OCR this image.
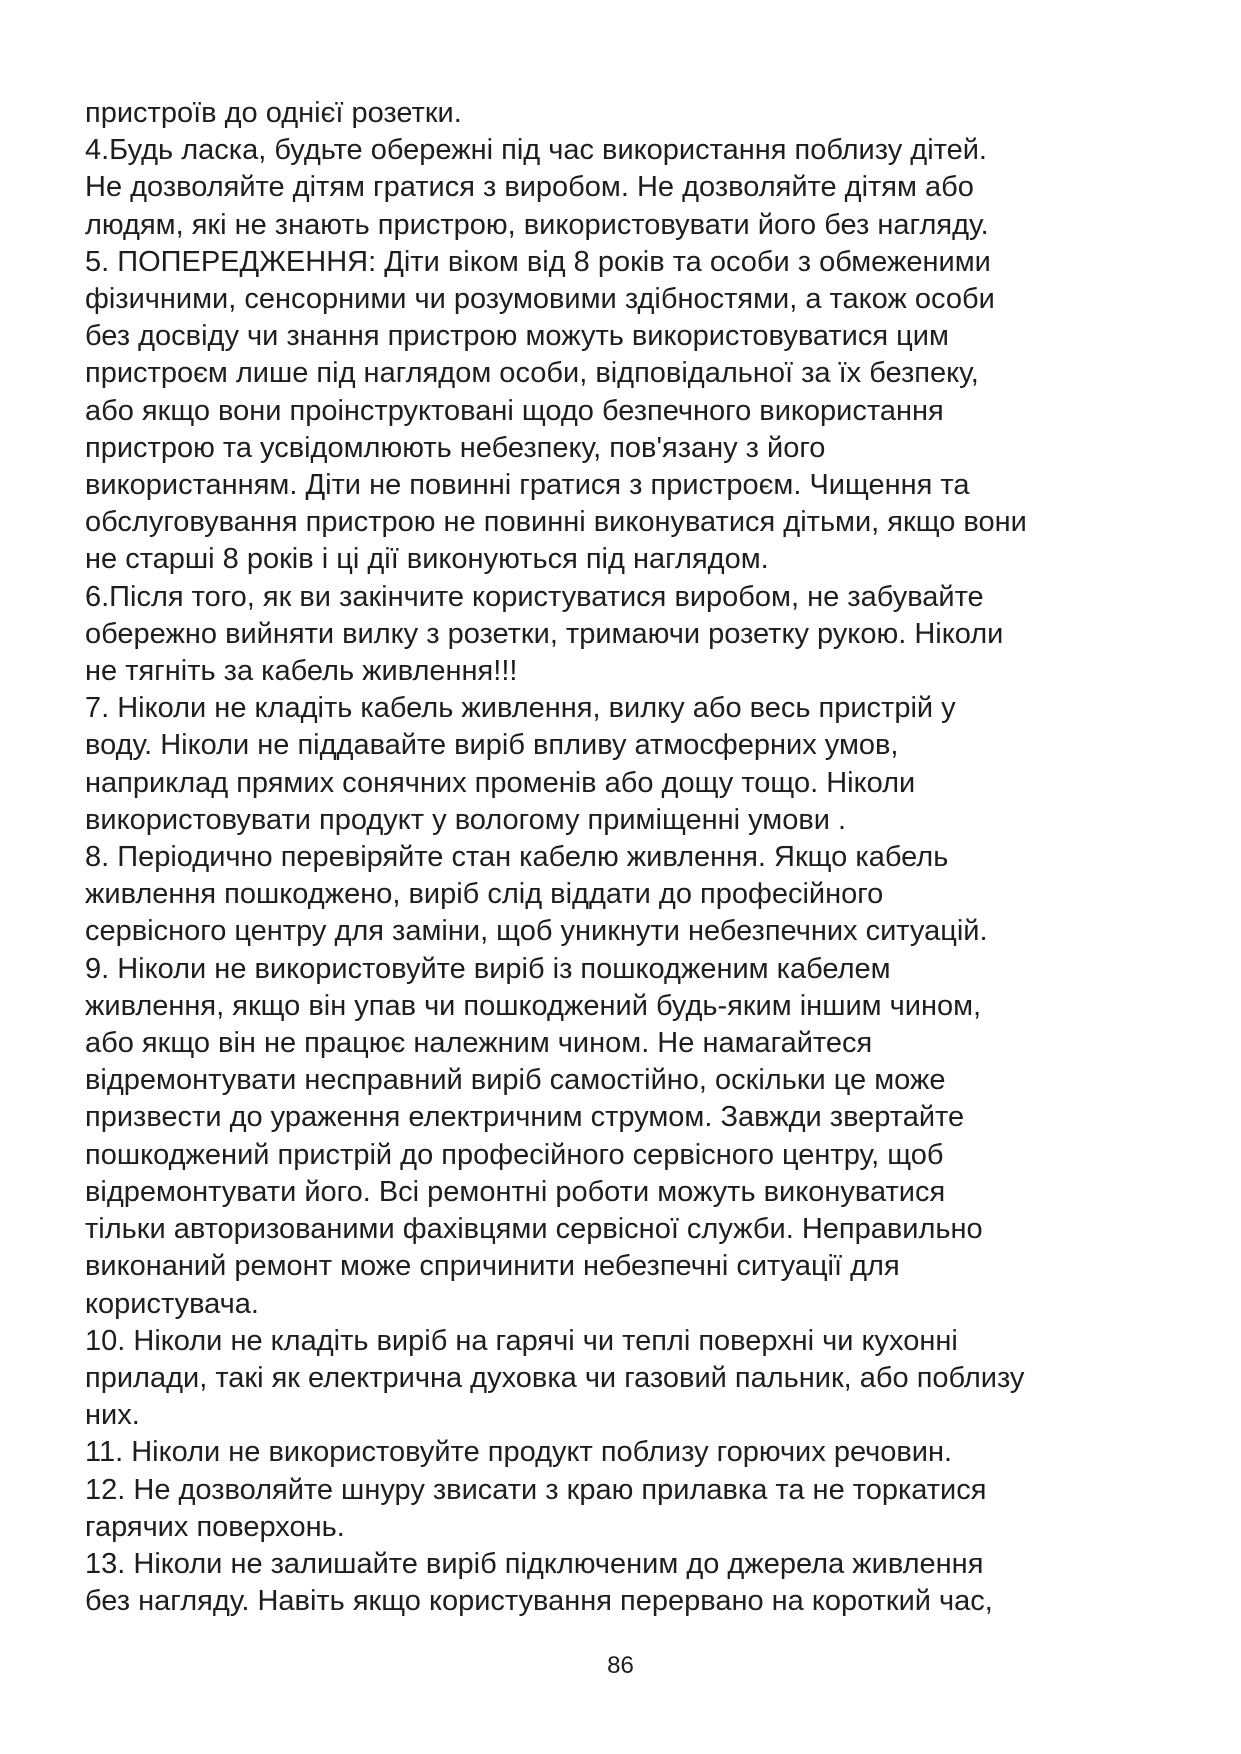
пристроїв до однієї розетки.
4.Будь ласка, будьте обережні під час використання поблизу дітей.
Не дозволяйте дітям гратися з виробом. Не дозволяйте дітям або
людям, які не знають пристрою, використовувати його без нагляду.
5. ПОПЕРЕДЖЕННЯ: Діти віком від 8 років та особи з обмеженими
фізичними, сенсорними чи розумовими здібностями, а також особи
без досвіду чи знання пристрою можуть використовуватися цим
пристроєм лише під наглядом особи, відповідальної за їх безпеку,
або якщо вони проінструктовані щодо безпечного використання
пристрою та усвідомлюють небезпеку, пов'язану з його
використанням. Діти не повинні гратися з пристроєм. Чищення та
обслуговування пристрою не повинні виконуватися дітьми, якщо вони
не старші 8 років і ці дії виконуються під наглядом.
6.Після того, як ви закінчите користуватися виробом, не забувайте
обережно вийняти вилку з розетки, тримаючи розетку рукою. Ніколи
не тягніть за кабель живлення!!!
7. Ніколи не кладіть кабель живлення, вилку або весь пристрій у
воду. Ніколи не піддавайте виріб впливу атмосферних умов,
наприклад прямих сонячних променів або дощу тощо. Ніколи
використовувати продукт у вологому приміщенні умови .
8. Періодично перевіряйте стан кабелю живлення. Якщо кабель
живлення пошкоджено, виріб слід віддати до професійного
сервісного центру для заміни, щоб уникнути небезпечних ситуацій.
9. Ніколи не використовуйте виріб із пошкодженим кабелем
живлення, якщо він упав чи пошкоджений будь-яким іншим чином,
або якщо він не працює належним чином. Не намагайтеся
відремонтувати несправний виріб самостійно, оскільки це може
призвести до ураження електричним струмом. Завжди звертайте
пошкоджений пристрій до професійного сервісного центру, щоб
відремонтувати його. Всі ремонтні роботи можуть виконуватися
тільки авторизованими фахівцями сервісної служби. Неправильно
виконаний ремонт може спричинити небезпечні ситуації для
користувача.
10. Ніколи не кладіть виріб на гарячі чи теплі поверхні чи кухонні
прилади, такі як електрична духовка чи газовий пальник, або поблизу
них.
11. Ніколи не використовуйте продукт поблизу горючих речовин.
12. Не дозволяйте шнуру звисати з краю прилавка та не торкатися
гарячих поверхонь.
13. Ніколи не залишайте виріб підключеним до джерела живлення
без нагляду. Навіть якщо користування перервано на короткий час,
86
